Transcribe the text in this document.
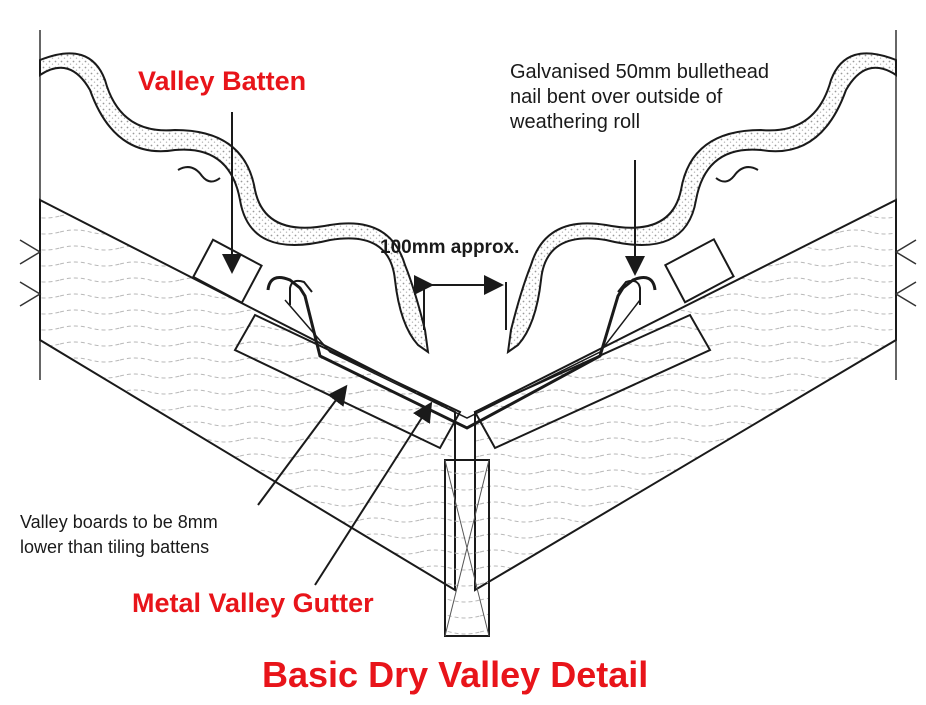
Valley Batten	Galvanised 50mm bullethead
nail bent over outside of
weathering roll

100mm approx.

Valley boards to be 8mm
lower than tiling battens

Metal Valley Gutter

Basic Dry Valley Detail
